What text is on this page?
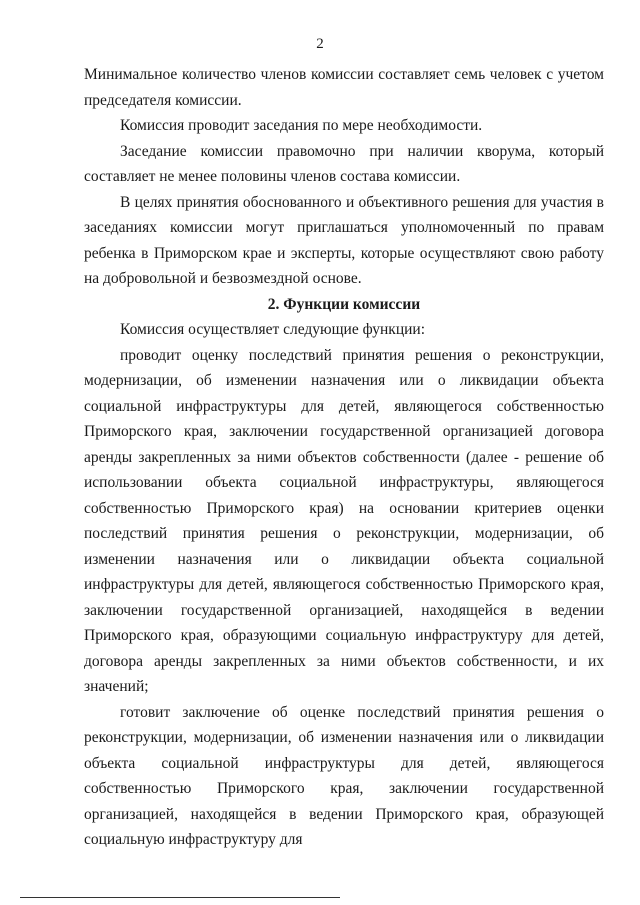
2

Минимальное количество членов комиссии составляет семь человек с учетом председателя комиссии.

Комиссия проводит заседания по мере необходимости.

Заседание комиссии правомочно при наличии кворума, который составляет не менее половины членов состава комиссии.

В целях принятия обоснованного и объективного решения для участия в заседаниях комиссии могут приглашаться уполномоченный по правам ребенка в Приморском крае и эксперты, которые осуществляют свою работу на добровольной и безвозмездной основе.

2. Функции комиссии

Комиссия осуществляет следующие функции:

проводит оценку последствий принятия решения о реконструкции, модернизации, об изменении назначения или о ликвидации объекта социальной инфраструктуры для детей, являющегося собственностью Приморского края, заключении государственной организацией договора аренды закрепленных за ними объектов собственности (далее - решение об использовании объекта социальной инфраструктуры, являющегося собственностью Приморского края) на основании критериев оценки последствий принятия решения о реконструкции, модернизации, об изменении назначения или о ликвидации объекта социальной инфраструктуры для детей, являющегося собственностью Приморского края, заключении государственной организацией, находящейся в ведении Приморского края, образующими социальную инфраструктуру для детей, договора аренды закрепленных за ними объектов собственности, и их значений;

готовит заключение об оценке последствий принятия решения о реконструкции, модернизации, об изменении назначения или о ликвидации объекта социальной инфраструктуры для детей, являющегося собственностью Приморского края, заключении государственной организацией, находящейся в ведении Приморского края, образующей социальную инфраструктуру для
